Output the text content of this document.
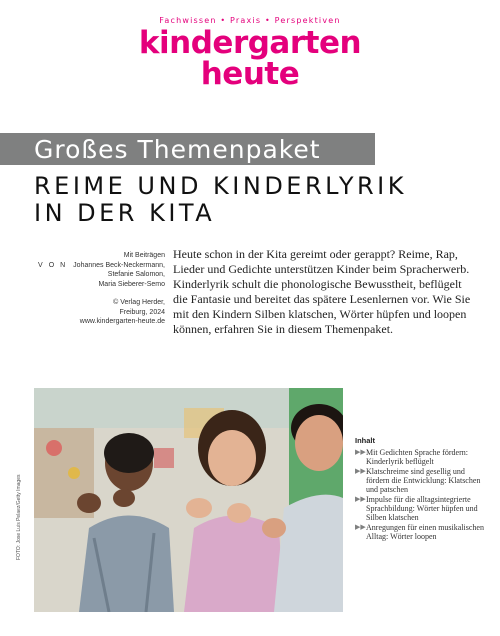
Fachwissen • Praxis • Perspektiven
kindergarten
heute
Großes Themenpaket
REIME UND KINDERLYRIK
IN DER KITA
Mit Beiträgen
VON Johannes Beck-Neckermann,
Stefanie Salomon,
Maria Sieberer-Semo
© Verlag Herder,
Freiburg, 2024
www.kindergarten-heute.de

Heute schon in der Kita gereimt oder gerappt? Reime, Rap, Lieder und Gedichte unterstützen Kinder beim Spracherwerb. Kinderlyrik schult die phonologische Bewusstheit, beflügelt die Fantasie und bereitet das spätere Lesenlernen vor. Wie Sie mit den Kindern Silben klatschen, Wörter hüpfen und loopen können, erfahren Sie in diesem Themenpaket.

FOTO: Jose Luis Pelaez/Getty Images
Inhalt
▶▶ Mit Gedichten Sprache fördern: Kinderlyrik beflügelt
▶▶ Klatschreime sind gesellig und fördern die Entwicklung: Klatschen und patschen
▶▶ Impulse für die alltagsintegrierte Sprachbildung: Wörter hüpfen und Silben klatschen
▶▶ Anregungen für einen musikalischen Alltag: Wörter loopen
